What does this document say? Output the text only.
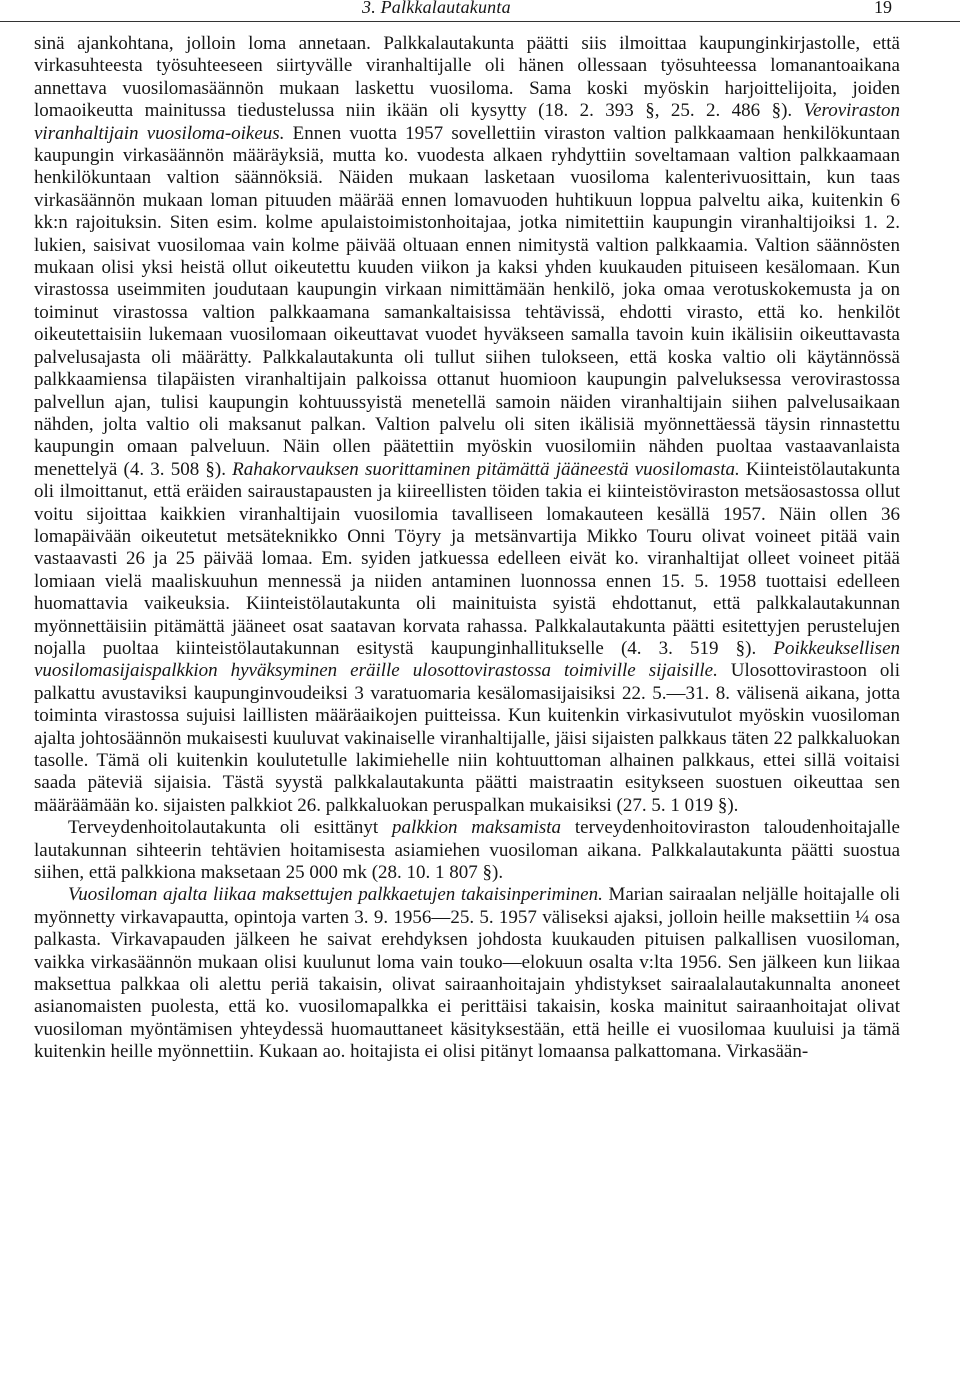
3. Palkkalautakunta	19

sinä ajankohtana, jolloin loma annetaan. Palkkalautakunta päätti siis ilmoittaa kaupunginkirjastolle, että virkasuhteesta työsuhteeseen siirtyvälle viranhaltijalle oli hänen ollessaan työsuhteessa lomanantoaikana annettava vuosilomasäännön mukaan laskettu vuosiloma. Sama koski myöskin harjoittelijoita, joiden lomaoikeutta mainitussa tiedustelussa niin ikään oli kysytty (18. 2. 393 §, 25. 2. 486 §). Veroviraston viranhaltijain vuosiloma-oikeus. Ennen vuotta 1957 sovellettiin viraston valtion palkkaamaan henkilökuntaan kaupungin virkasäännön määräyksiä, mutta ko. vuodesta alkaen ryhdyttiin soveltamaan valtion palkkaamaan henkilökuntaan valtion säännöksiä. Näiden mukaan lasketaan vuosiloma kalenterivuosittain, kun taas virkasäännön mukaan loman pituuden määrää ennen lomavuoden huhtikuun loppua palveltu aika, kuitenkin 6 kk:n rajoituksin. Siten esim. kolme apulaistoimistonhoitajaa, jotka nimitettiin kaupungin viranhaltijoiksi 1. 2. lukien, saisivat vuosilomaa vain kolme päivää oltuaan ennen nimitystä valtion palkkaamia. Valtion säännösten mukaan olisi yksi heistä ollut oikeutettu kuuden viikon ja kaksi yhden kuukauden pituiseen kesälomaan. Kun virastossa useimmiten joudutaan kaupungin virkaan nimittämään henkilö, joka omaa verotuskokemusta ja on toiminut virastossa valtion palkkaamana samankaltaisissa tehtävissä, ehdotti virasto, että ko. henkilöt oikeutettaisiin lukemaan vuosilomaan oikeuttavat vuodet hyväkseen samalla tavoin kuin ikälisiin oikeuttavasta palvelusajasta oli määrätty. Palkkalautakunta oli tullut siihen tulokseen, että koska valtio oli käytännössä palkkaamiensa tilapäisten viranhaltijain palkoissa ottanut huomioon kaupungin palveluksessa verovirastossa palvellun ajan, tulisi kaupungin kohtuussyistä menetellä samoin näiden viranhaltijain siihen palvelusaikaan nähden, jolta valtio oli maksanut palkan. Valtion palvelu oli siten ikälisiä myönnettäessä täysin rinnastettu kaupungin omaan palveluun. Näin ollen päätettiin myöskin vuosilomiin nähden puoltaa vastaavanlaista menettelyä (4. 3. 508 §). Rahakorvauksen suorittaminen pitämättä jääneestä vuosilomasta. Kiinteistölautakunta oli ilmoittanut, että eräiden sairaustapausten ja kiireellisten töiden takia ei kiinteistöviraston metsäosastossa ollut voitu sijoittaa kaikkien viranhaltijain vuosilomia tavalliseen lomakauteen kesällä 1957. Näin ollen 36 lomapäivään oikeutetut metsäteknikko Onni Töyry ja metsänvartija Mikko Touru olivat voineet pitää vain vastaavasti 26 ja 25 päivää lomaa. Em. syiden jatkuessa edelleen eivät ko. viranhaltijat olleet voineet pitää lomiaan vielä maaliskuuhun mennessä ja niiden antaminen luonnossa ennen 15. 5. 1958 tuottaisi edelleen huomattavia vaikeuksia. Kiinteistölautakunta oli mainituista syistä ehdottanut, että palkkalautakunnan myönnettäisiin pitämättä jääneet osat saatavan korvata rahassa. Palkkalautakunta päätti esitettyjen perustelujen nojalla puoltaa kiinteistölautakunnan esitystä kaupunginhallitukselle (4. 3. 519 §). Poikkeuksellisen vuosilomasijaispalkkion hyväksyminen eräille ulosottovirastossa toimiville sijaisille. Ulosottovirastoon oli palkattu avustaviksi kaupunginvoudeiksi 3 varatuomaria kesälomasijaisiksi 22. 5.—31. 8. välisenä aikana, jotta toiminta virastossa sujuisi laillisten määräaikojen puitteissa. Kun kuitenkin virkasivutulot myöskin vuosiloman ajalta johtosäännön mukaisesti kuuluvat vakinaiselle viranhaltijalle, jäisi sijaisten palkkaus täten 22 palkkaluokan tasolle. Tämä oli kuitenkin koulutetulle lakimiehelle niin kohtuuttoman alhainen palkkaus, ettei sillä voitaisi saada päteviä sijaisia. Tästä syystä palkkalautakunta päätti maistraatin esitykseen suostuen oikeuttaa sen määräämään ko. sijaisten palkkiot 26. palkkaluokan peruspalkan mukaisiksi (27. 5. 1 019 §).

Terveydenhoitolautakunta oli esittänyt palkkion maksamista terveydenhoitoviraston taloudenhoitajalle lautakunnan sihteerin tehtävien hoitamisesta asiamiehen vuosiloman aikana. Palkkalautakunta päätti suostua siihen, että palkkiona maksetaan 25 000 mk (28. 10. 1 807 §).

Vuosiloman ajalta liikaa maksettujen palkkaetujen takaisinperiminen. Marian sairaalan neljälle hoitajalle oli myönnetty virkavapautta, opintoja varten 3. 9. 1956—25. 5. 1957 väliseksi ajaksi, jolloin heille maksettiin ¼ osa palkasta. Virkavapauden jälkeen he saivat erehdyksen johdosta kuukauden pituisen palkallisen vuosiloman, vaikka virkasäännön mukaan olisi kuulunut loma vain touko—elokuun osalta v:lta 1956. Sen jälkeen kun liikaa maksettua palkkaa oli alettu periä takaisin, olivat sairaanhoitajain yhdistykset sairaalalautakunnalta anoneet asianomaisten puolesta, että ko. vuosilomapalkka ei perittäisi takaisin, koska mainitut sairaanhoitajat olivat vuosiloman myöntämisen yhteydessä huomauttaneet käsityksestään, että heille ei vuosilomaa kuuluisi ja tämä kuitenkin heille myönnettiin. Kukaan ao. hoitajista ei olisi pitänyt lomaansa palkattomana. Virkasään-
